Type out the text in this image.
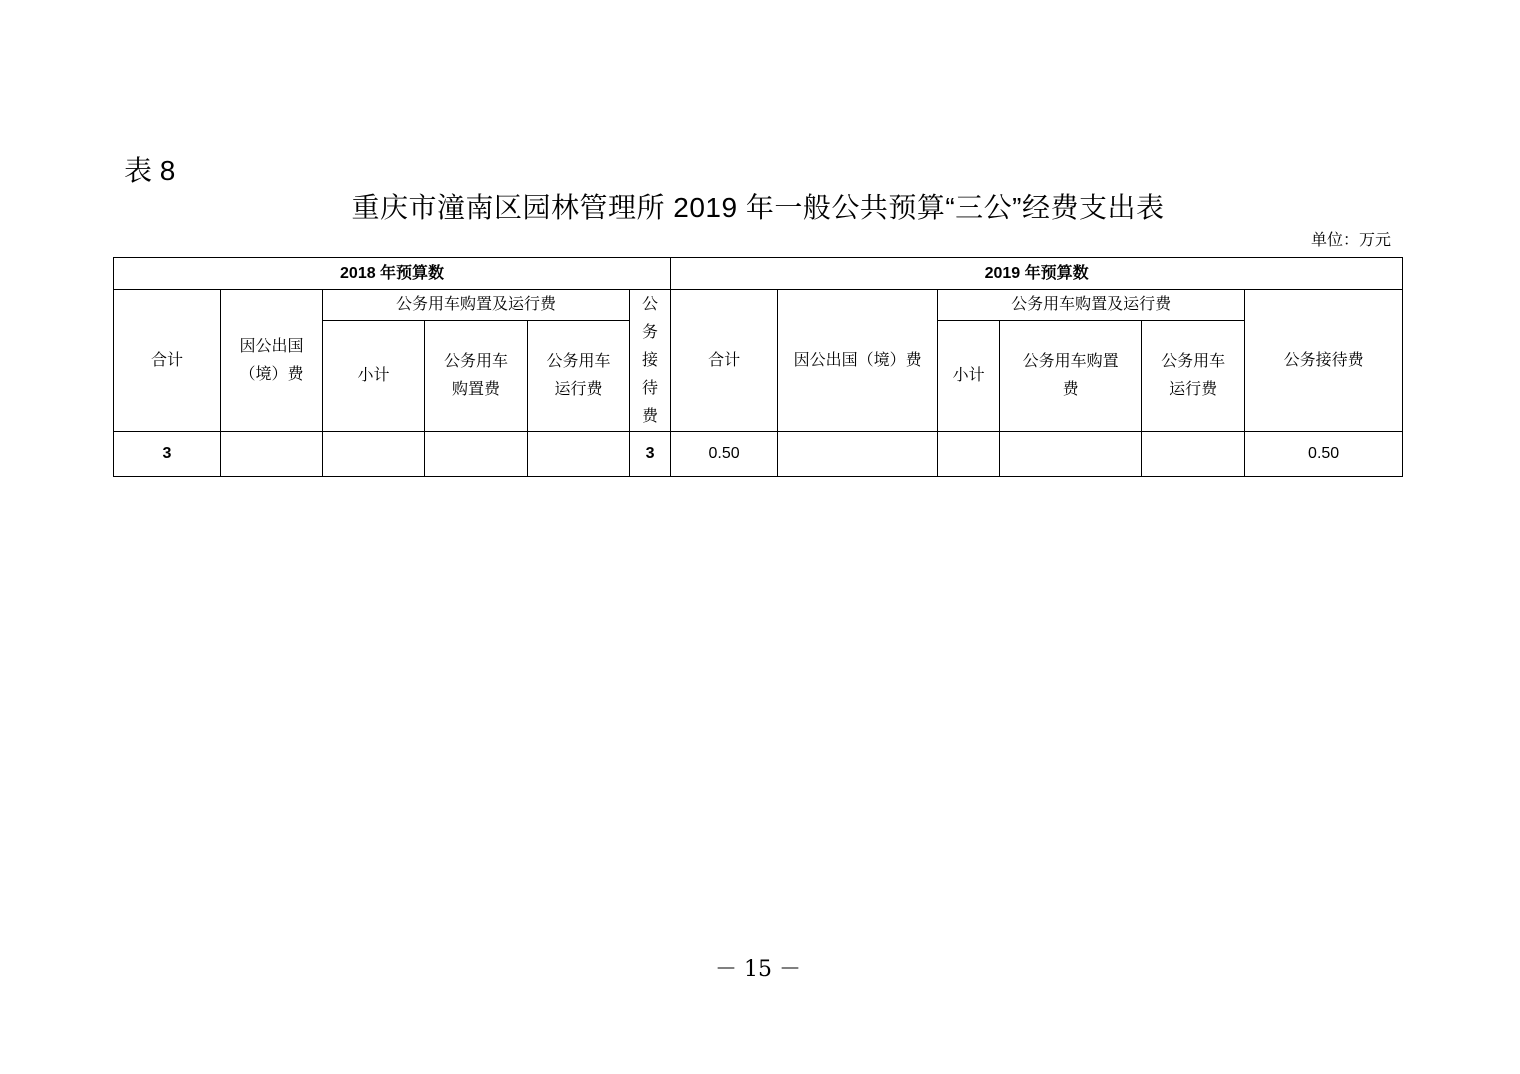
表 8
重庆市潼南区园林管理所 2019 年一般公共预算“三公”经费支出表
单位：万元
2018 年预算数						2019 年预算数					
合计	因公出国（境）费	公务用车购置及运行费			公务接待费	合计	因公出国（境）费	公务用车购置及运行费			公务接待费
		小计	公务用车购置费	公务用车运行费				小计	公务用车购置费	公务用车运行费	
3					3	0.50					0.50
－ 15 －
